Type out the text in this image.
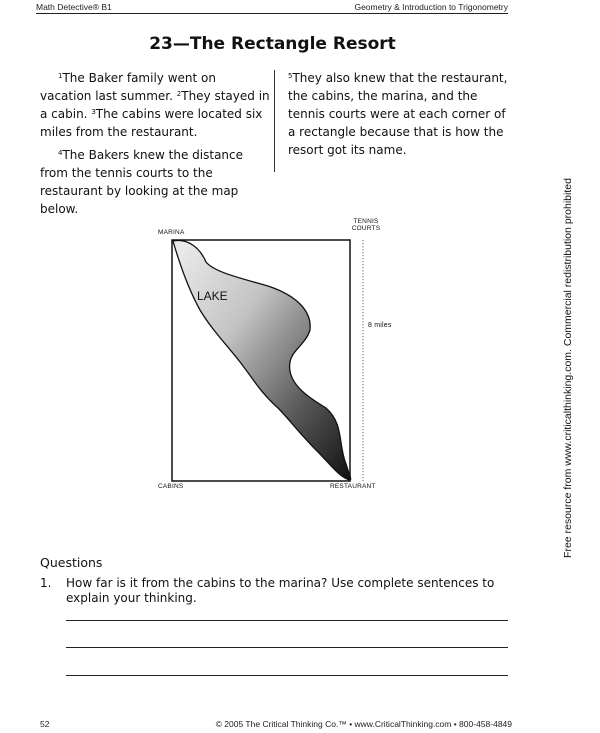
Math Detective® B1	Geometry & Introduction to Trigonometry
23—The Rectangle Resort

$^1$The Baker family went on vacation last summer. $^2$They stayed in a cabin. $^3$The cabins were located six miles from the restaurant.

$^4$The Bakers knew the distance from the tennis courts to the restaurant by looking at the map below.

$^5$They also knew that the restaurant, the cabins, the marina, and the tennis courts were at each corner of a rectangle because that is how the resort got its name.

MARINA
TENNIS
COURTS
LAKE
8 miles
CABINS	RESTAURANT
Questions
1. How far is it from the cabins to the marina? Use complete sentences to explain your thinking.
52	© 2005 The Critical Thinking Co.™ • www.CriticalThinking.com • 800-458-4849
Free resource from www.criticalthinking.com. Commercial redistribution prohibited
